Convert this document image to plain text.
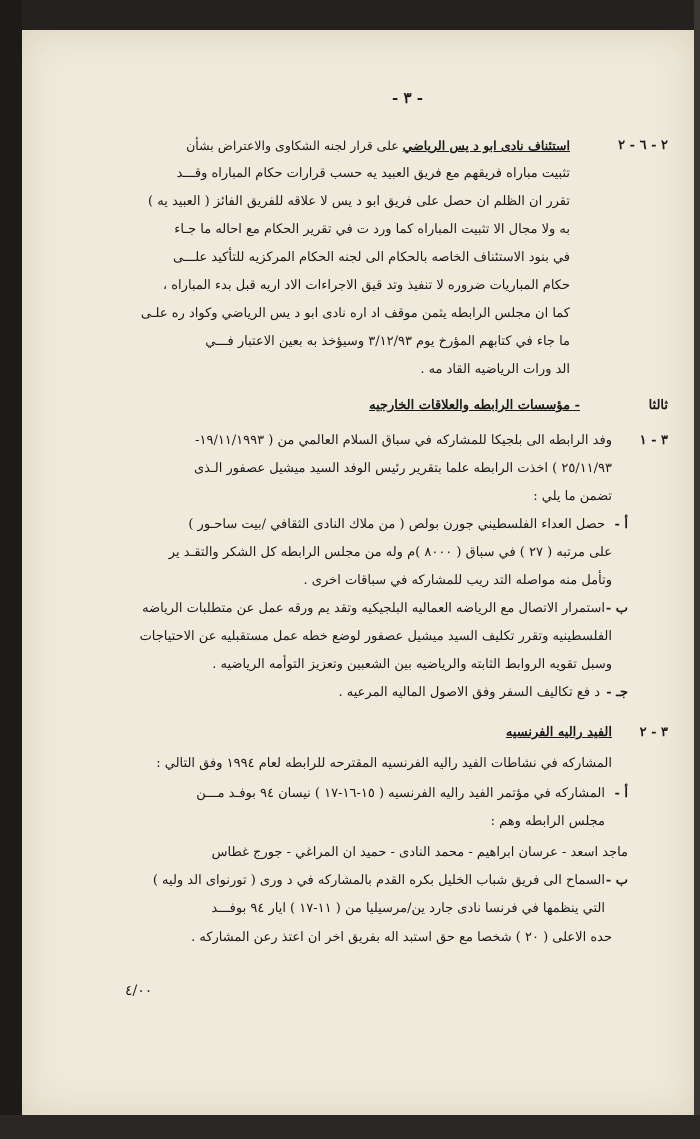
- ٣ -
٢ - ٦ - ٢
استئناف نادى ابو د يس الرياضي على قرار لجنه الشكاوى والاعتراض بشأن
تثبيت مباراه فريقهم مع فريق العبيد يه حسب قرارات حكام المباراه وقـــد
تقرر ان الظلم ان حصل على فريق ابو د يس لا علاقه للفريق الفائز ( العبيد يه )
به ولا مجال الا تثبيت المباراه كما ورد ت في تقرير الحكام مع احاله ما جـاء
في بنود الاستئناف الخاصه بالحكام الى لجنه الحكام المركزيه للتأكيد علـــى
حكام المباريات ضروره لا تنفيذ وتد قيق الاجراءات الاد اريه قبل بدء المباراه ،
كما ان مجلس الرابطه يثمن موقف اد اره نادى ابو د يس الرياضي وكواد ره علـى
ما جاء في كتابهم المؤرخ يوم ٣/١٢/٩٣ وسيؤخذ به بعين الاعتبار فـــي
الد ورات الرياضيه القاد مه .
ثالثا
- مؤسسات الرابطه والعلاقات الخارجيه
٣ - ١
وفد الرابطه الى بلجيكا للمشاركه في سباق السلام العالمي من ( ١٩/١١/١٩٩٣-
٢٥/١١/٩٣ ) اخذت الرابطه علما بتقرير رئيس الوفد السيد ميشيل عصفور الـذى
تضمن ما يلي :
أ -
حصل العداء الفلسطيني جورن بولص ( من ملاك النادى الثقافي /بيت ساحـور )
على مرتبه ( ٢٧ ) في سباق ( ٨٠٠٠ )م وله من مجلس الرابطه كل الشكر والتقـد ير
وتأمل منه مواصله التد ريب للمشاركه في سباقات اخرى .
ب -
استمرار الاتصال مع الرياضه العماليه البلجيكيه وتقد يم ورقه عمل عن متطلبات الرياضه
الفلسطينيه وتقرر تكليف السيد ميشيل عصفور لوضع خطه عمل مستقبليه عن الاحتياجات
وسبل تقويه الروابط الثابته والرياضيه بين الشعبين وتعزيز التوأمه الرياضيه .
جـ -
د فع تكاليف السفر وفق الاصول الماليه المرعيه .
٣ - ٢
الفيد راليه الفرنسيه
المشاركه في نشاطات الفيد راليه الفرنسيه المقترحه للرابطه لعام ١٩٩٤ وفق التالي :
أ -
المشاركه في مؤتمر الفيد راليه الفرنسيه ( ١٥-١٦-١٧ ) نيسان ٩٤ بوفـد مـــن
مجلس الرابطه وهم :
ماجد اسعد - عرسان ابراهيم - محمد النادى - حميد ان المراغي - جورج غطاس
ب -
السماح الى فريق شباب الخليل بكره القدم بالمشاركه في د ورى ( تورنواى الد وليه )
التي ينظمها في فرنسا نادى جارد ين/مرسيليا من ( ١١-١٧ ) ايار ٩٤ بوفـــد
حده الاعلى ( ٢٠ ) شخصا مع حق استبد اله بفريق اخر ان اعتذ رعن المشاركه .
٤/٠٠
